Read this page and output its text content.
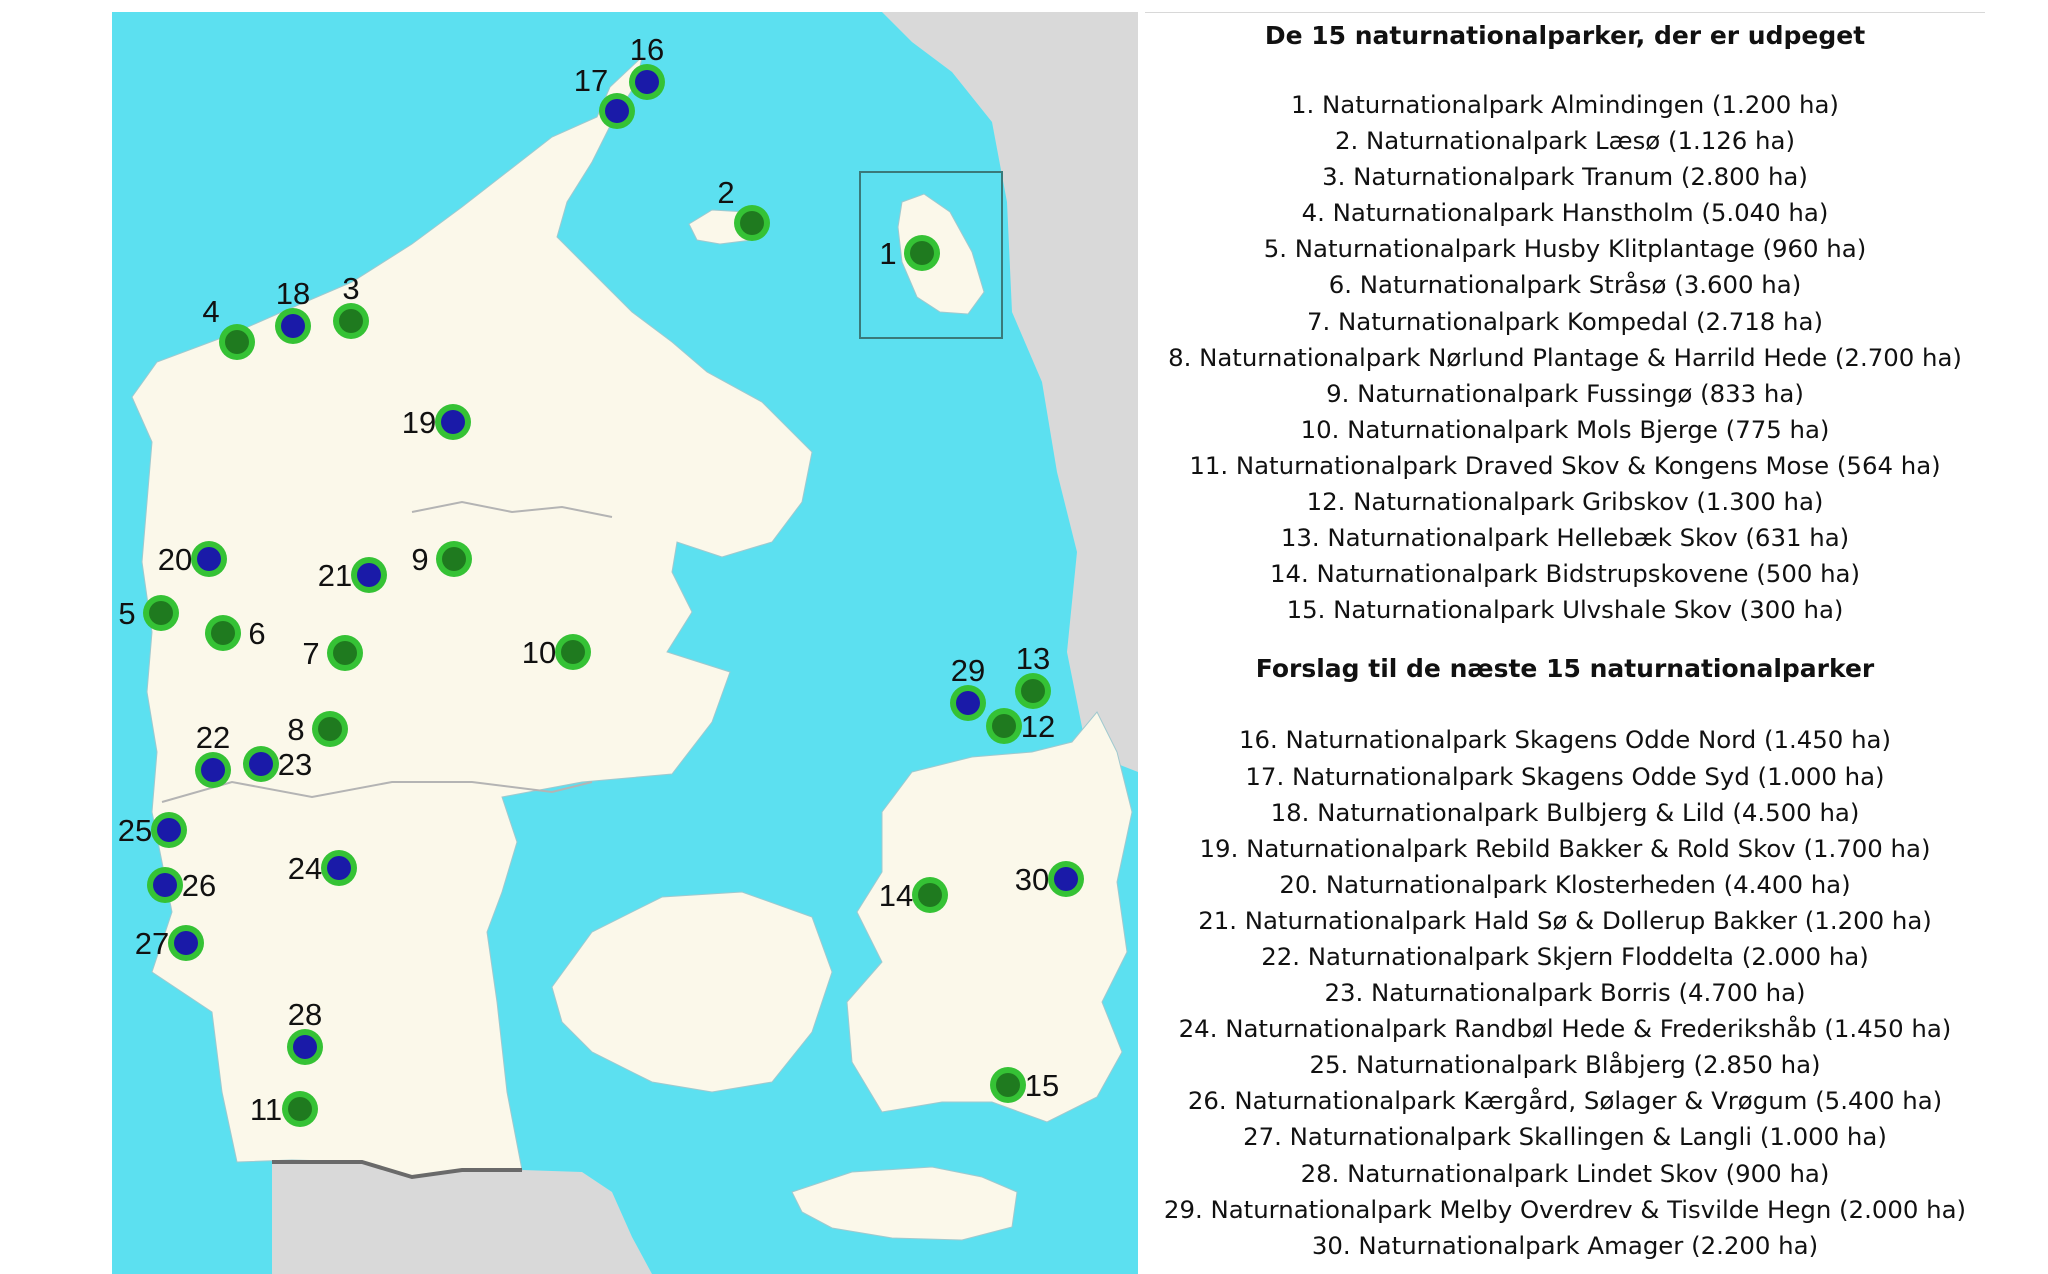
1
2
3
4
5
6
7
8
9
10
11
12
13
14
15
16
17
18
19
20	21
22
23
24
25
26
27
28
29
30
De 15 naturnationalparker, der er udpeget
1. Naturnationalpark Almindingen (1.200 ha)
2. Naturnationalpark Læsø (1.126 ha)
3. Naturnationalpark Tranum (2.800 ha)
4. Naturnationalpark Hanstholm (5.040 ha)
5. Naturnationalpark Husby Klitplantage (960 ha)
6. Naturnationalpark Stråsø (3.600 ha)
7. Naturnationalpark Kompedal (2.718 ha)
8. Naturnationalpark Nørlund Plantage & Harrild Hede (2.700 ha)
9. Naturnationalpark Fussingø (833 ha)
10. Naturnationalpark Mols Bjerge (775 ha)
11. Naturnationalpark Draved Skov & Kongens Mose (564 ha)
12. Naturnationalpark Gribskov (1.300 ha)
13. Naturnationalpark Hellebæk Skov (631 ha)
14. Naturnationalpark Bidstrupskovene (500 ha)
15. Naturnationalpark Ulvshale Skov (300 ha)
Forslag til de næste 15 naturnationalparker
16. Naturnationalpark Skagens Odde Nord (1.450 ha)
17. Naturnationalpark Skagens Odde Syd (1.000 ha)
18. Naturnationalpark Bulbjerg & Lild (4.500 ha)
19. Naturnationalpark Rebild Bakker & Rold Skov (1.700 ha)
20. Naturnationalpark Klosterheden (4.400 ha)
21. Naturnationalpark Hald Sø & Dollerup Bakker (1.200 ha)
22. Naturnationalpark Skjern Floddelta (2.000 ha)
23. Naturnationalpark Borris (4.700 ha)
24. Naturnationalpark Randbøl Hede & Frederikshåb (1.450 ha)
25. Naturnationalpark Blåbjerg (2.850 ha)
26. Naturnationalpark Kærgård, Sølager & Vrøgum (5.400 ha)
27. Naturnationalpark Skallingen & Langli (1.000 ha)
28. Naturnationalpark Lindet Skov (900 ha)
29. Naturnationalpark Melby Overdrev & Tisvilde Hegn (2.000 ha)
30. Naturnationalpark Amager (2.200 ha)
